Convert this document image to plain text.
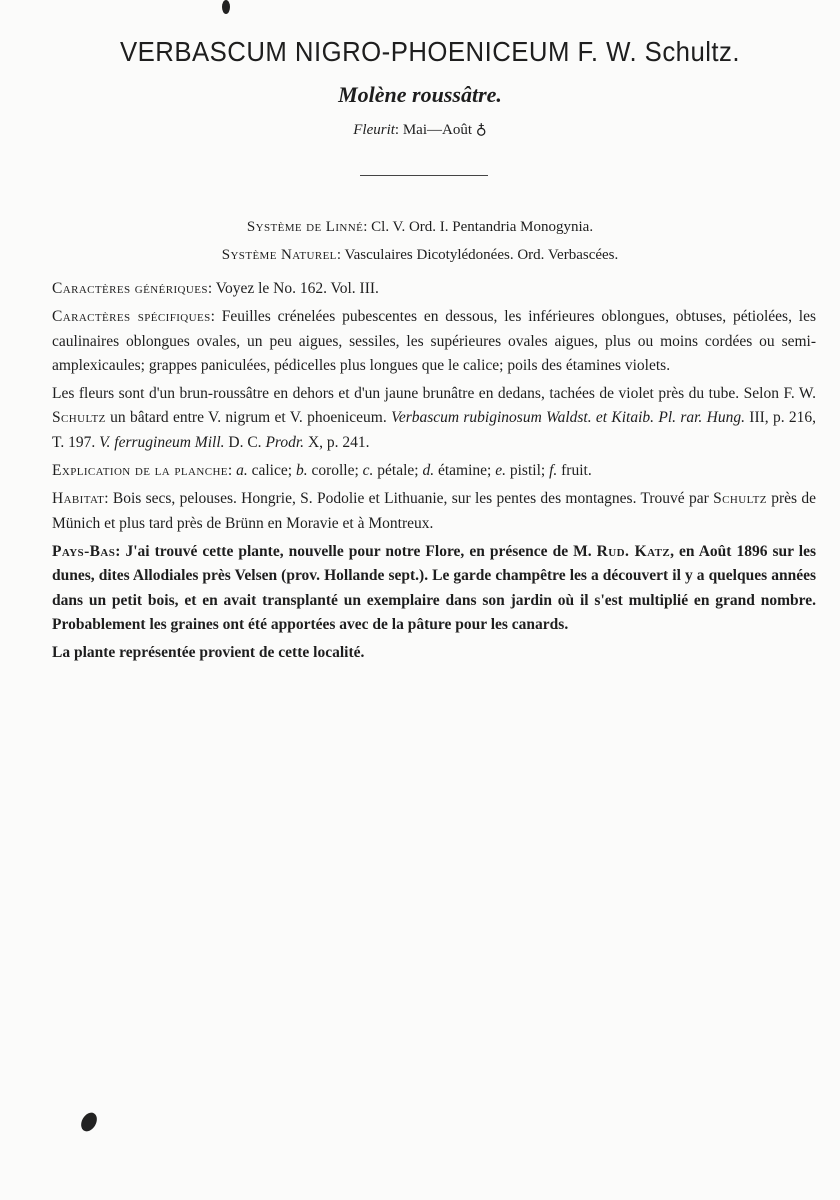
VERBASCUM NIGRO-PHOENICEUM F. W. Schultz.
Molène roussâtre.
Fleurit: Mai—Août ♁
Système de Linné: Cl. V. Ord. I. Pentandria Monogynia.
Système Naturel: Vasculaires Dicotylédonées. Ord. Verbascées.

Caractères génériques: Voyez le No. 162. Vol. III.

Caractères spécifiques: Feuilles crénelées pubescentes en dessous, les inférieures oblongues, obtuses, pétiolées, les caulinaires oblongues ovales, un peu aigues, sessiles, les supérieures ovales aigues, plus ou moins cordées ou semi-amplexicaules; grappes paniculées, pédicelles plus longues que le calice; poils des étamines violets.

Les fleurs sont d'un brun-roussâtre en dehors et d'un jaune brunâtre en dedans, tachées de violet près du tube. Selon F. W. Schultz un bâtard entre V. nigrum et V. phoeniceum. Verbascum rubiginosum Waldst. et Kitaib. Pl. rar. Hung. III, p. 216, T. 197. V. ferrugineum Mill. D. C. Prodr. X, p. 241.

Explication de la planche: a. calice; b. corolle; c. pétale; d. étamine; e. pistil; f. fruit.

Habitat: Bois secs, pelouses. Hongrie, S. Podolie et Lithuanie, sur les pentes des montagnes. Trouvé par Schultz près de Münich et plus tard près de Brünn en Moravie et à Montreux.

Pays-Bas: J'ai trouvé cette plante, nouvelle pour notre Flore, en présence de M. Rud. Katz, en Août 1896 sur les dunes, dites Allodiales près Velsen (prov. Hollande sept.). Le garde champêtre les a découvert il y a quelques années dans un petit bois, et en avait transplanté un exemplaire dans son jardin où il s'est multiplié en grand nombre. Probablement les graines ont été apportées avec de la pâture pour les canards.

La plante représentée provient de cette localité.
